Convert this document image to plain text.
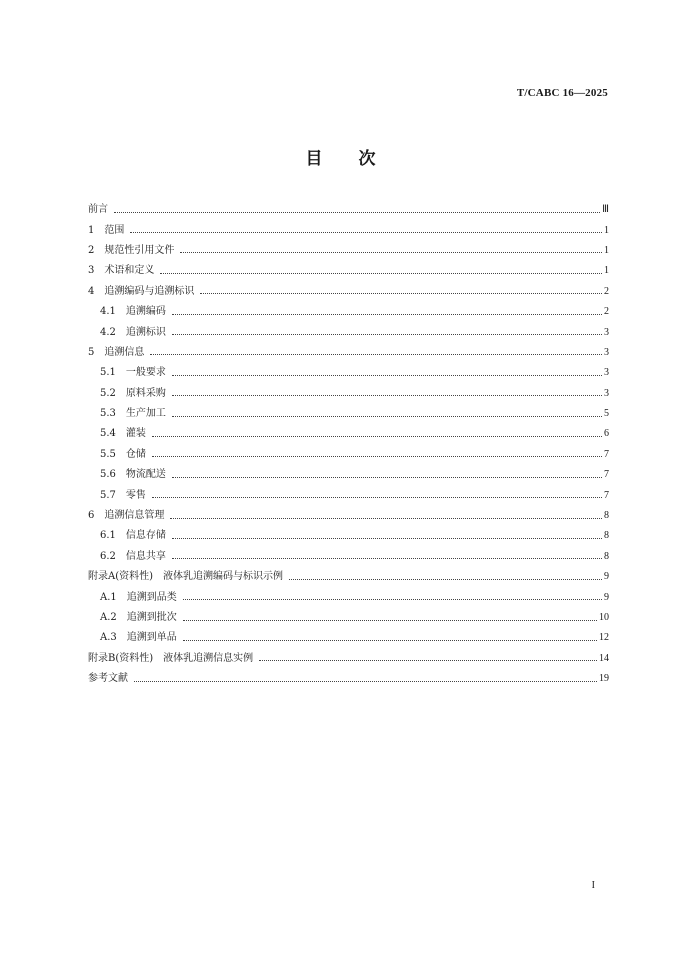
T/CABC 16—2025
目 次
前言	Ⅲ
1 范围	1
2 规范性引用文件	1
3 术语和定义	1
4 追溯编码与追溯标识	2
4.1 追溯编码	2
4.2 追溯标识	3
5 追溯信息	3
5.1 一般要求	3
5.2 原料采购	3
5.3 生产加工	5
5.4 灌装	6
5.5 仓储	7
5.6 物流配送	7
5.7 零售	7
6 追溯信息管理	8
6.1 信息存储	8
6.2 信息共享	8
附录A(资料性)　液体乳追溯编码与标识示例	9
A.1 追溯到品类	9
A.2 追溯到批次	10
A.3 追溯到单品	12
附录B(资料性)　液体乳追溯信息实例	14
参考文献	19
I
